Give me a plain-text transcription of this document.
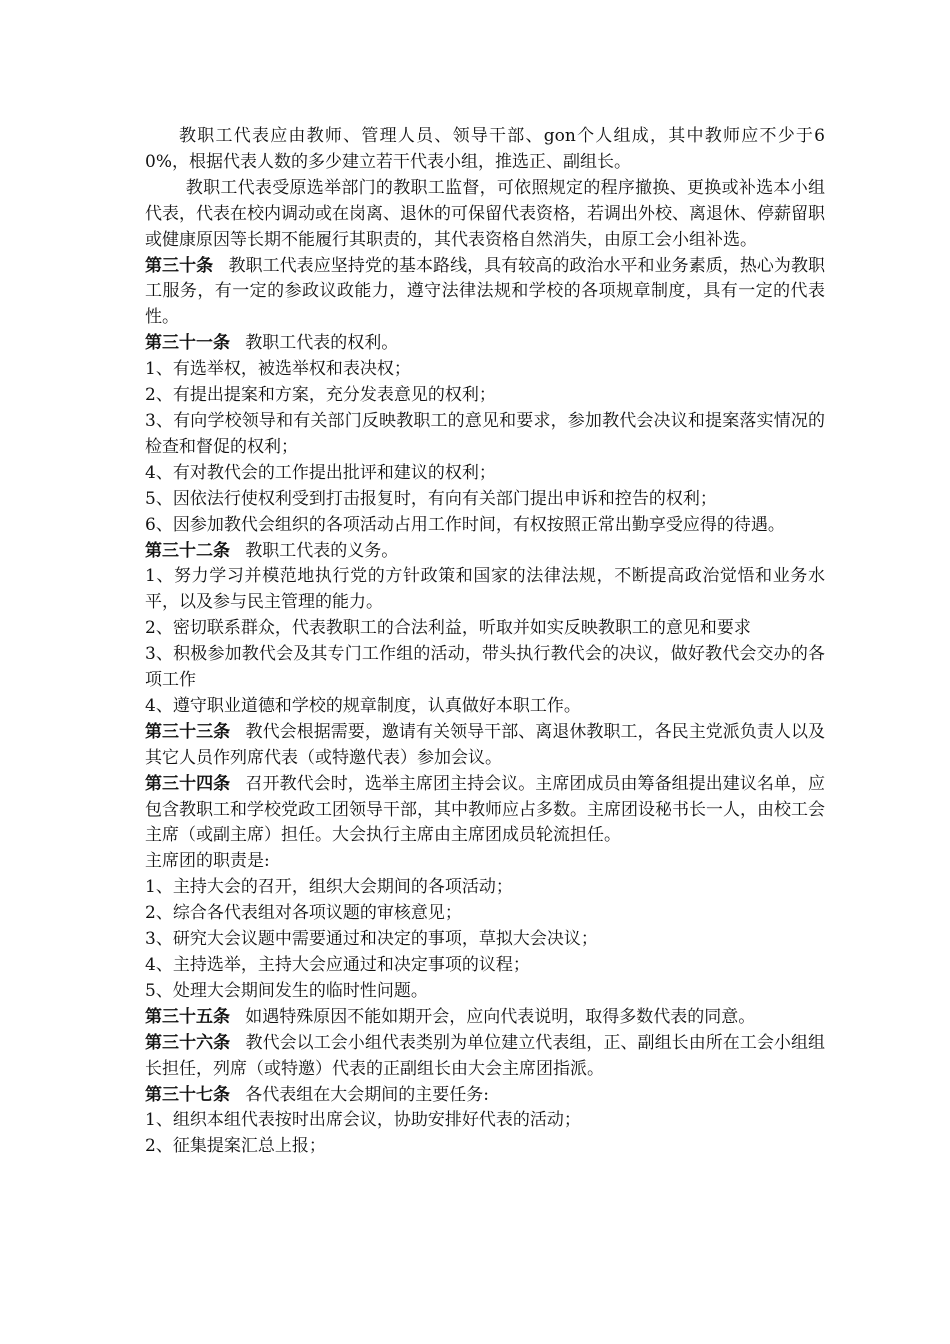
教职工代表应由教师、管理人员、领导干部、gon个人组成，其中教师应不少于60%，根据代表人数的多少建立若干代表小组，推选正、副组长。

教职工代表受原选举部门的教职工监督，可依照规定的程序撤换、更换或补选本小组代表，代表在校内调动或在岗离、退休的可保留代表资格，若调出外校、离退休、停薪留职或健康原因等长期不能履行其职责的，其代表资格自然消失，由原工会小组补选。

第三十条 教职工代表应坚持党的基本路线，具有较高的政治水平和业务素质，热心为教职工服务，有一定的参政议政能力，遵守法律法规和学校的各项规章制度，具有一定的代表性。

第三十一条 教职工代表的权利。

1、有选举权，被选举权和表决权；

2、有提出提案和方案，充分发表意见的权利；

3、有向学校领导和有关部门反映教职工的意见和要求，参加教代会决议和提案落实情况的检查和督促的权利；

4、有对教代会的工作提出批评和建议的权利；

5、因依法行使权利受到打击报复时，有向有关部门提出申诉和控告的权利；

6、因参加教代会组织的各项活动占用工作时间，有权按照正常出勤享受应得的待遇。

第三十二条 教职工代表的义务。

1、努力学习并模范地执行党的方针政策和国家的法律法规，不断提高政治觉悟和业务水平，以及参与民主管理的能力。

2、密切联系群众，代表教职工的合法利益，听取并如实反映教职工的意见和要求

3、积极参加教代会及其专门工作组的活动，带头执行教代会的决议，做好教代会交办的各项工作

4、遵守职业道德和学校的规章制度，认真做好本职工作。

第三十三条 教代会根据需要，邀请有关领导干部、离退休教职工，各民主党派负责人以及其它人员作列席代表（或特邀代表）参加会议。

第三十四条 召开教代会时，选举主席团主持会议。主席团成员由筹备组提出建议名单，应包含教职工和学校党政工团领导干部，其中教师应占多数。主席团设秘书长一人，由校工会主席（或副主席）担任。大会执行主席由主席团成员轮流担任。

主席团的职责是:

1、主持大会的召开，组织大会期间的各项活动；

2、综合各代表组对各项议题的审核意见；

3、研究大会议题中需要通过和决定的事项，草拟大会决议；

4、主持选举，主持大会应通过和决定事项的议程；

5、处理大会期间发生的临时性问题。

第三十五条 如遇特殊原因不能如期开会，应向代表说明，取得多数代表的同意。

第三十六条 教代会以工会小组代表类别为单位建立代表组，正、副组长由所在工会小组组长担任，列席（或特邀）代表的正副组长由大会主席团指派。

第三十七条 各代表组在大会期间的主要任务:

1、组织本组代表按时出席会议，协助安排好代表的活动；

2、征集提案汇总上报；
